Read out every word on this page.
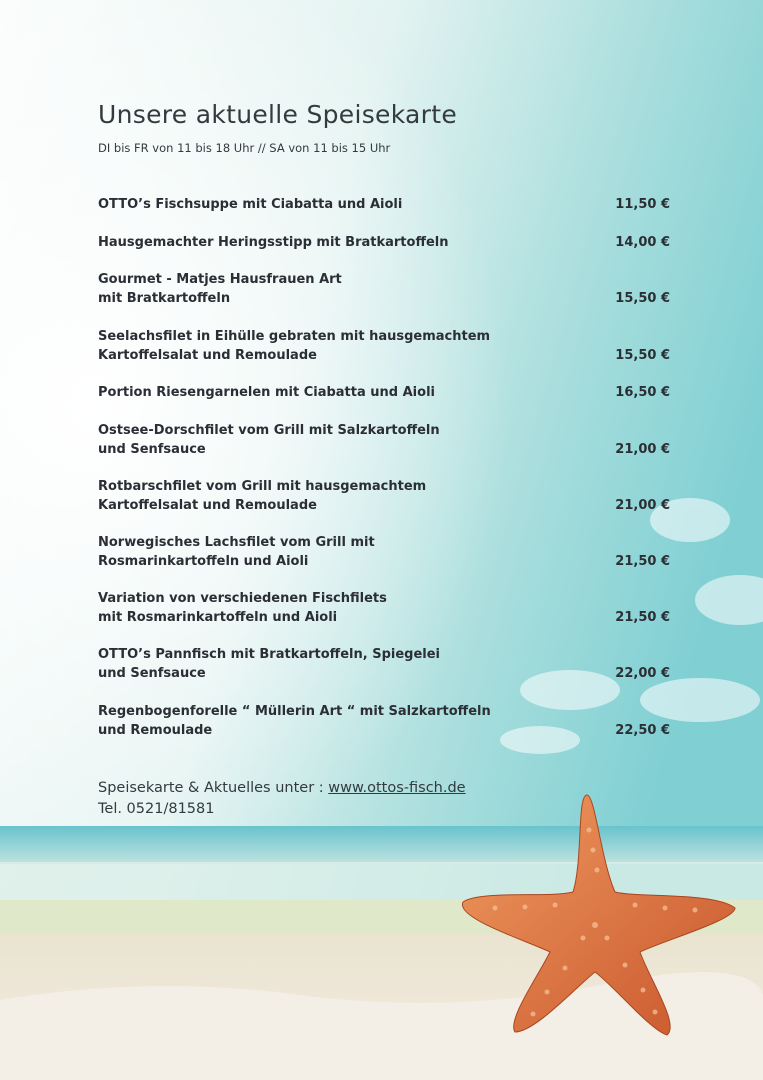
Unsere aktuelle Speisekarte
DI bis FR von 11 bis 18 Uhr // SA von 11 bis 15 Uhr
OTTO’s Fischsuppe mit Ciabatta und Aioli	11,50 €
Hausgemachter Heringsstipp mit Bratkartoffeln	14,00 €
Gourmet - Matjes Hausfrauen Art
mit Bratkartoffeln	15,50 €
Seelachsfilet in Eihülle gebraten mit hausgemachtem
Kartoffelsalat und Remoulade	15,50 €
Portion Riesengarnelen mit Ciabatta und Aioli	16,50 €
Ostsee-Dorschfilet vom Grill mit Salzkartoffeln
und Senfsauce	21,00 €
Rotbarschfilet vom Grill mit hausgemachtem
Kartoffelsalat und Remoulade	21,00 €
Norwegisches Lachsfilet vom Grill mit
Rosmarinkartoffeln und Aioli	21,50 €
Variation von verschiedenen Fischfilets
mit Rosmarinkartoffeln und Aioli	21,50 €
OTTO’s Pannfisch mit Bratkartoffeln, Spiegelei
und Senfsauce	22,00 €
Regenbogenforelle “ Müllerin Art “ mit Salzkartoffeln
und Remoulade	22,50 €
Speisekarte & Aktuelles unter : www.ottos-fisch.de
Tel. 0521/81581
